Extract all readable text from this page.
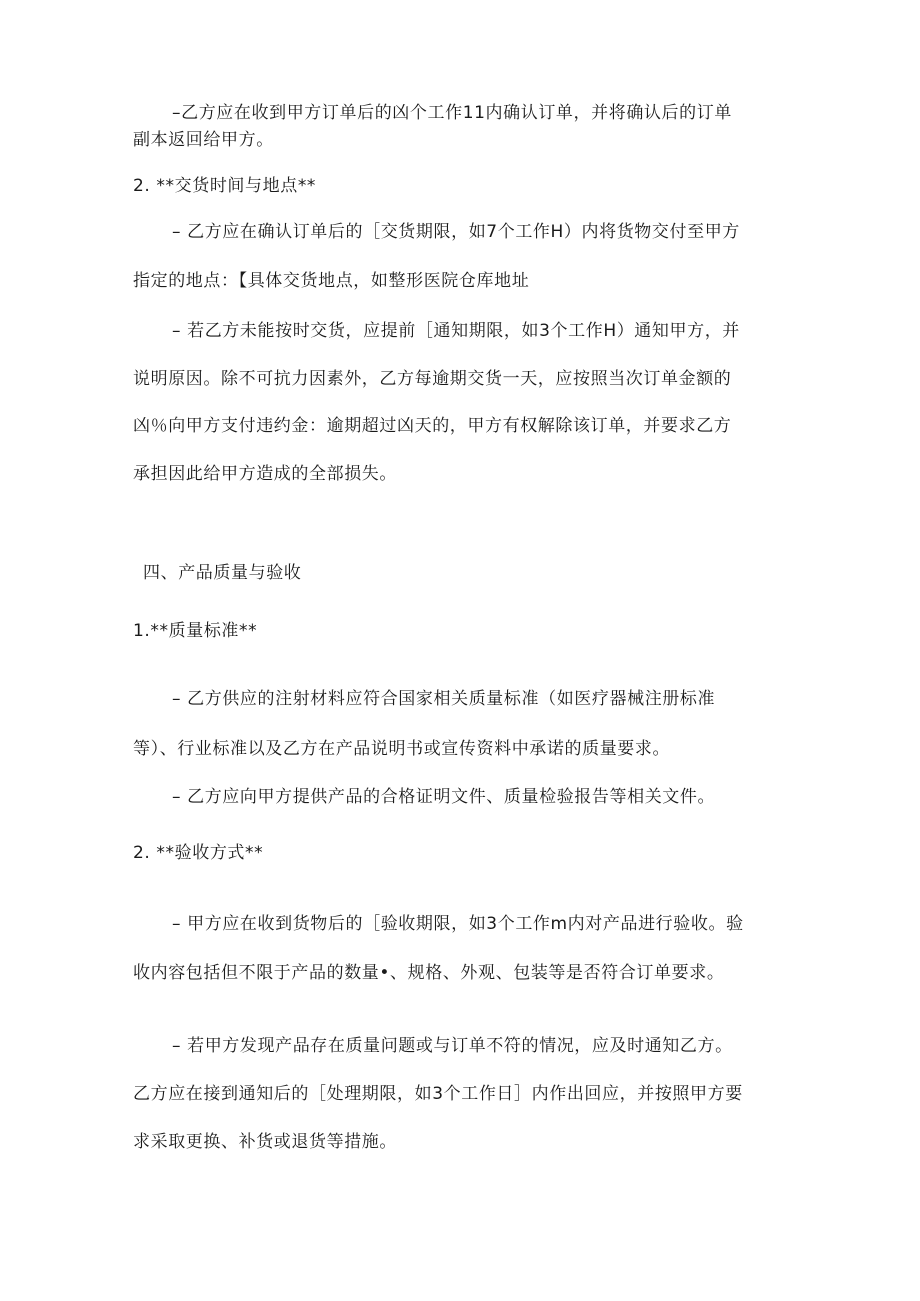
–乙方应在收到甲方订单后的凶个工作11内确认订单，并将确认后的订单
副本返回给甲方。
2. **交货时间与地点**
– 乙方应在确认订单后的［交货期限，如7个工作H）内将货物交付至甲方
指定的地点：【具体交货地点，如整形医院仓库地址
– 若乙方未能按时交货，应提前［通知期限，如3个工作H）通知甲方，并
说明原因。除不可抗力因素外，乙方每逾期交货一天，应按照当次订单金额的
凶％向甲方支付违约金：逾期超过凶天的，甲方有权解除该订单，并要求乙方
承担因此给甲方造成的全部损失。
四、产品质量与验收
1.**质量标准**
– 乙方供应的注射材料应符合国家相关质量标准（如医疗器械注册标准
等）、行业标准以及乙方在产品说明书或宣传资料中承诺的质量要求。
– 乙方应向甲方提供产品的合格证明文件、质量检验报告等相关文件。
2. **验收方式**
– 甲方应在收到货物后的［验收期限，如3个工作m内对产品进行验收。验
收内容包括但不限于产品的数量•、规格、外观、包装等是否符合订单要求。
– 若甲方发现产品存在质量问题或与订单不符的情况，应及时通知乙方。
乙方应在接到通知后的［处理期限，如3个工作日］内作出回应，并按照甲方要
求采取更换、补货或退货等措施。
